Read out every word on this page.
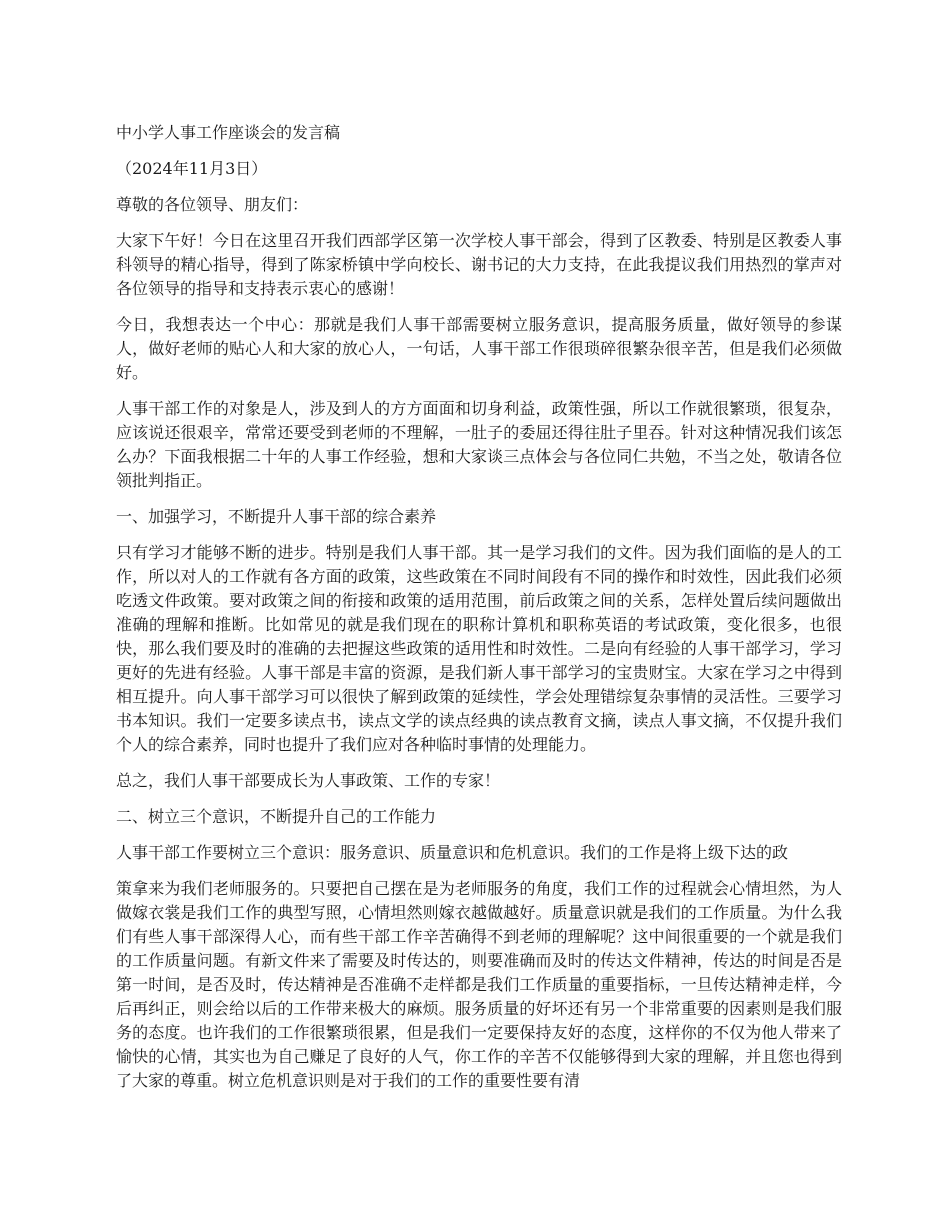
中小学人事工作座谈会的发言稿

（2024年11月3日）

尊敬的各位领导、朋友们：

大家下午好！今日在这里召开我们西部学区第一次学校人事干部会，得到了区教委、特别是区教委人事科领导的精心指导，得到了陈家桥镇中学向校长、谢书记的大力支持，在此我提议我们用热烈的掌声对各位领导的指导和支持表示衷心的感谢！

今日，我想表达一个中心：那就是我们人事干部需要树立服务意识，提高服务质量，做好领导的参谋人，做好老师的贴心人和大家的放心人，一句话，人事干部工作很琐碎很繁杂很辛苦，但是我们必须做好。

人事干部工作的对象是人，涉及到人的方方面面和切身利益，政策性强，所以工作就很繁琐，很复杂，应该说还很艰辛，常常还要受到老师的不理解，一肚子的委屈还得往肚子里吞。针对这种情况我们该怎么办？下面我根据二十年的人事工作经验，想和大家谈三点体会与各位同仁共勉，不当之处，敬请各位领批判指正。

一、加强学习，不断提升人事干部的综合素养

只有学习才能够不断的进步。特别是我们人事干部。其一是学习我们的文件。因为我们面临的是人的工作，所以对人的工作就有各方面的政策，这些政策在不同时间段有不同的操作和时效性，因此我们必须吃透文件政策。要对政策之间的衔接和政策的适用范围，前后政策之间的关系，怎样处置后续问题做出准确的理解和推断。比如常见的就是我们现在的职称计算机和职称英语的考试政策，变化很多，也很快，那么我们要及时的准确的去把握这些政策的适用性和时效性。二是向有经验的人事干部学习，学习更好的先进有经验。人事干部是丰富的资源，是我们新人事干部学习的宝贵财宝。大家在学习之中得到相互提升。向人事干部学习可以很快了解到政策的延续性，学会处理错综复杂事情的灵活性。三要学习书本知识。我们一定要多读点书，读点文学的读点经典的读点教育文摘，读点人事文摘，不仅提升我们个人的综合素养，同时也提升了我们应对各种临时事情的处理能力。

总之，我们人事干部要成长为人事政策、工作的专家！

二、树立三个意识，不断提升自己的工作能力

人事干部工作要树立三个意识：服务意识、质量意识和危机意识。我们的工作是将上级下达的政

策拿来为我们老师服务的。只要把自己摆在是为老师服务的角度，我们工作的过程就会心情坦然，为人做嫁衣裳是我们工作的典型写照，心情坦然则嫁衣越做越好。质量意识就是我们的工作质量。为什么我们有些人事干部深得人心，而有些干部工作辛苦确得不到老师的理解呢？这中间很重要的一个就是我们的工作质量问题。有新文件来了需要及时传达的，则要准确而及时的传达文件精神，传达的时间是否是第一时间，是否及时，传达精神是否准确不走样都是我们工作质量的重要指标，一旦传达精神走样，今后再纠正，则会给以后的工作带来极大的麻烦。服务质量的好坏还有另一个非常重要的因素则是我们服务的态度。也许我们的工作很繁琐很累，但是我们一定要保持友好的态度，这样你的不仅为他人带来了愉快的心情，其实也为自己赚足了良好的人气，你工作的辛苦不仅能够得到大家的理解，并且您也得到了大家的尊重。树立危机意识则是对于我们的工作的重要性要有清
